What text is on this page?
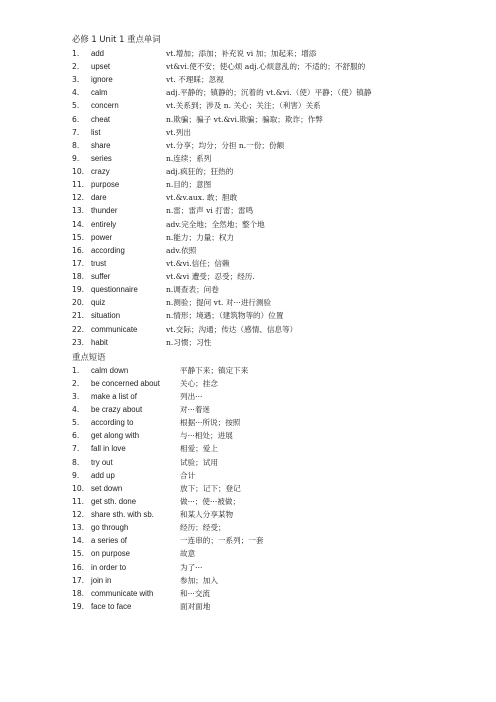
必修 1 Unit 1 重点单词
1.	add	vt.增加；添加；补充说 vi 加；加起来；增添
2.	upset	vt&vi.使不安；使心烦 adj.心烦意乱的；不适的；不舒服的
3.	ignore	vt. 不理睬；忽视
4.	calm	adj.平静的；镇静的；沉着的 vt.&vi.（使）平静；（使）镇静
5.	concern	vt.关系到；涉及 n. 关心；关注；（利害）关系
6.	cheat	n.欺骗；骗子 vt.&vi.欺骗；骗取；欺诈；作弊
7.	list	vt.列出
8.	share	vt.分享；均分；分担 n.一份；份额
9.	series	n.连续；系列
10. crazy	adj.疯狂的；狂热的
11. purpose	n.目的；意图
12. dare	vt.&v.aux. 敢；胆敢
13. thunder	n.雷；雷声 vi 打雷；雷鸣
14. entirely	adv.完全地；全然地；整个地
15. power	n.能力；力量；权力
16. according	adv.依照
17. trust	vt.&vi.信任；信赖
18. suffer	vt.&vi 遭受；忍受；经历.
19. questionnaire	n.调查表；问卷
20. quiz	n.测验；提问 vt. 对···进行测验
21. situation	n.情形；境遇；（建筑物等的）位置
22. communicate	vt.交际；沟通；传达（感情、信息等）
23. habit	n.习惯；习性
重点短语
1.	calm down	平静下来；镇定下来
2.	be concerned about	关心；挂念
3.	make a list of	列出···
4.	be crazy about	对···着迷
5.	according to	根据···所说；按照
6.	get along with	与···相处；进展
7.	fall in love	相爱；爱上
8.	try out	试验；试用
9.	add up	合计
10. set down	放下；记下；登记
11. get sth. done	做···；使···被做；
12. share sth. with sb.	和某人分享某物
13. go through	经历；经受；
14. a series of	一连串的；一系列；一套
15. on purpose	故意
16. in order to	为了···
17. join in	参加；加入
18. communicate with	和···交流
19. face to face	面对面地
